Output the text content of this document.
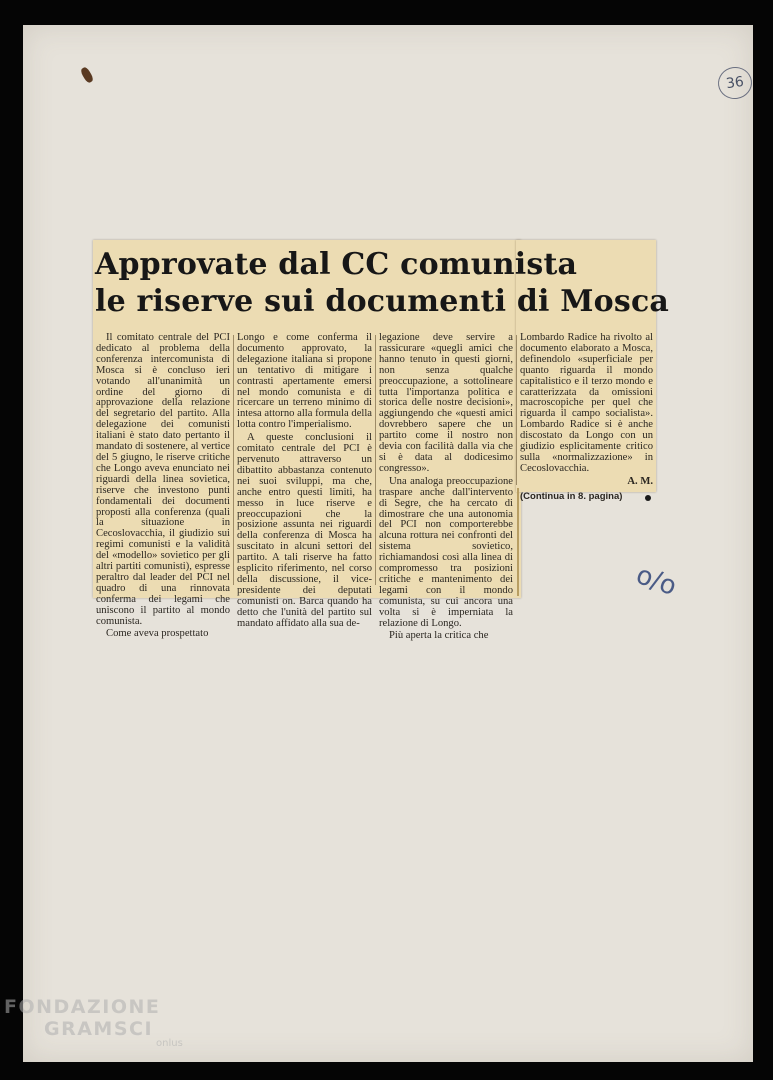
36
Approvate dal CC comunista
le riserve sui documenti di Mosca

Il comitato centrale del PCI dedicato al problema della conferenza intercomunista di Mosca si è concluso ieri votando all'unanimità un ordine del giorno di approvazione della relazione del segretario del partito. Alla delegazione dei comunisti italiani è stato dato pertanto il mandato di sostenere, al vertice del 5 giugno, le riserve critiche che Longo aveva enunciato nei riguardi della linea sovietica, riserve che investono punti fondamentali dei documenti proposti alla conferenza (quali la situazione in Cecoslovacchia, il giudizio sui regimi comunisti e la validità del «modello» sovietico per gli altri partiti comunisti), espresse peraltro dal leader del PCI nel quadro di una rinnovata conferma dei legami che uniscono il partito al mondo comunista.

Come aveva prospettato

Longo e come conferma il documento approvato, la delegazione italiana si propone un tentativo di mitigare i contrasti apertamente emersi nel mondo comunista e di ricercare un terreno minimo di intesa attorno alla formula della lotta contro l'imperialismo.

A queste conclusioni il comitato centrale del PCI è pervenuto attraverso un dibattito abbastanza contenuto nei suoi sviluppi, ma che, anche entro questi limiti, ha messo in luce riserve e preoccupazioni che la posizione assunta nei riguardi della conferenza di Mosca ha suscitato in alcuni settori del partito. A tali riserve ha fatto esplicito riferimento, nel corso della discussione, il vice-presidente dei deputati comunisti on. Barca quando ha detto che l'unità del partito sul mandato affidato alla sua de-

legazione deve servire a rassicurare «quegli amici che hanno tenuto in questi giorni, non senza qualche preoccupazione, a sottolineare tutta l'importanza politica e storica delle nostre decisioni», aggiungendo che «questi amici dovrebbero sapere che un partito come il nostro non devia con facilità dalla via che si è data al dodicesimo congresso».

Una analoga preoccupazione traspare anche dall'intervento di Segre, che ha cercato di dimostrare che una autonomia del PCI non comporterebbe alcuna rottura nei confronti del sistema sovietico, richiamandosi così alla linea di compromesso tra posizioni critiche e mantenimento dei legami con il mondo comunista, su cui ancora una volta si è imperniata la relazione di Longo.

Più aperta la critica che

Lombardo Radice ha rivolto al documento elaborato a Mosca, definendolo «superficiale per quanto riguarda il mondo capitalistico e il terzo mondo e caratterizzata da omissioni macroscopiche per quel che riguarda il campo socialista». Lombardo Radice si è anche discostato da Longo con un giudizio esplicitamente critico sulla «normalizzazione» in Cecoslovacchia.

A. M.
(Continua in 8. pagina)
o/o
FONDAZIONE
GRAMSCI
onlus
